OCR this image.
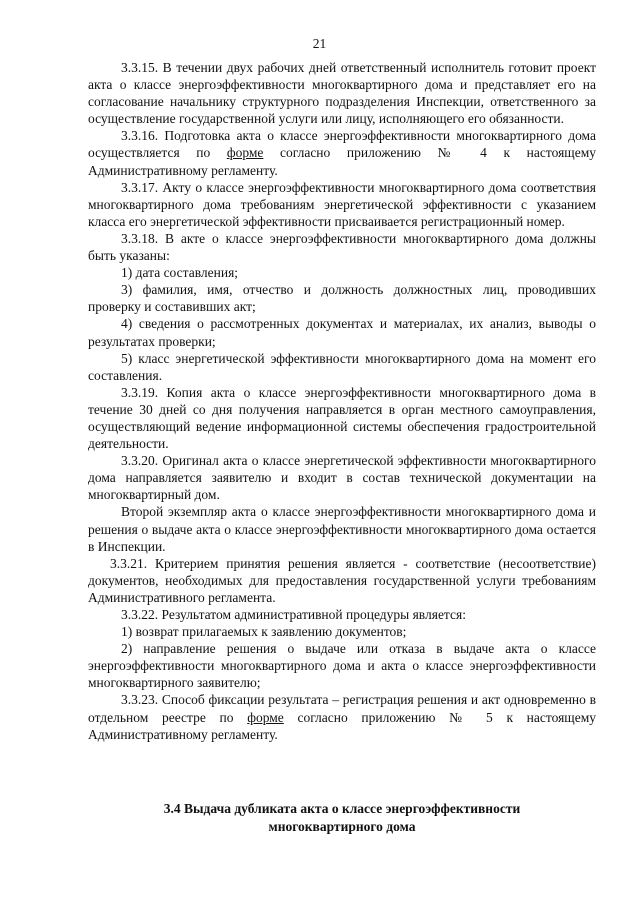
21

3.3.15. В течении двух рабочих дней ответственный исполнитель готовит проект акта о классе энергоэффективности многоквартирного дома и представляет его на согласование начальнику структурного подразделения Инспекции, ответственного за осуществление государственной услуги или лицу, исполняющего его обязанности.

3.3.16. Подготовка акта о классе энергоэффективности многоквартирного дома осуществляется по форме согласно приложению № 4 к настоящему Административному регламенту.

3.3.17. Акту о классе энергоэффективности многоквартирного дома соответствия многоквартирного дома требованиям энергетической эффективности с указанием класса его энергетической эффективности присваивается регистрационный номер.

3.3.18. В акте о классе энергоэффективности многоквартирного дома должны быть указаны:

1) дата составления;

3) фамилия, имя, отчество и должность должностных лиц, проводивших проверку и составивших акт;

4) сведения о рассмотренных документах и материалах, их анализ, выводы о результатах проверки;

5) класс энергетической эффективности многоквартирного дома на момент его составления.

3.3.19. Копия акта о классе энергоэффективности многоквартирного дома в течение 30 дней со дня получения направляется в орган местного самоуправления, осуществляющий ведение информационной системы обеспечения градостроительной деятельности.

3.3.20. Оригинал акта о классе энергетической эффективности многоквартирного дома направляется заявителю и входит в состав технической документации на многоквартирный дом.

Второй экземпляр акта о классе энергоэффективности многоквартирного дома и решения о выдаче акта о классе энергоэффективности многоквартирного дома остается в Инспекции.

3.3.21. Критерием принятия решения является - соответствие (несоответствие) документов, необходимых для предоставления государственной услуги требованиям Административного регламента.

3.3.22. Результатом административной процедуры является:

1) возврат прилагаемых к заявлению документов;

2) направление решения о выдаче или отказа в выдаче акта о классе энергоэффективности многоквартирного дома и акта о классе энергоэффективности многоквартирного заявителю;

3.3.23. Способ фиксации результата – регистрация решения и акт одновременно в отдельном реестре по форме согласно приложению № 5 к настоящему Административному регламенту.

3.4 Выдача дубликата акта о классе энергоэффективности
многоквартирного дома
